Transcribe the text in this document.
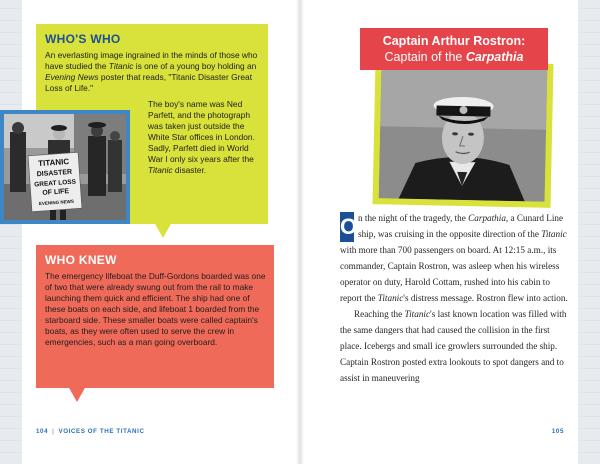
WHO'S WHO
An everlasting image ingrained in the minds of those who have studied the Titanic is one of a young boy holding an Evening News poster that reads, "Titanic Disaster Great Loss of Life."
The boy's name was Ned Parfett, and the photograph was taken just outside the White Star offices in London. Sadly, Parfett died in World War I only six years after the Titanic disaster.
TITANIC
DISASTER
GREAT LOSS
OF LIFE
EVENING NEWS
WHO KNEW
The emergency lifeboat the Duff-Gordons boarded was one of two that were already swung out from the rail to make launching them quick and efficient. The ship had one of these boats on each side, and lifeboat 1 boarded from the starboard side. These smaller boats were called captain's boats, as they were often used to serve the crew in emergencies, such as a man going overboard.
104 | VOICES OF THE TITANIC
Captain Arthur Rostron:
Captain of the Carpathia

O n the night of the tragedy, the Carpathia, a Cunard Line ship, was cruising in the opposite direction of the Titanic with more than 700 passengers on board. At 12:15 a.m., its commander, Captain Rostron, was asleep when his wireless operator on duty, Harold Cottam, rushed into his cabin to report the Titanic's distress message. Rostron flew into action.

Reaching the Titanic's last known location was filled with the same dangers that had caused the collision in the first place. Icebergs and small ice growlers surrounded the ship. Captain Rostron posted extra lookouts to spot dangers and to assist in maneuvering

105
